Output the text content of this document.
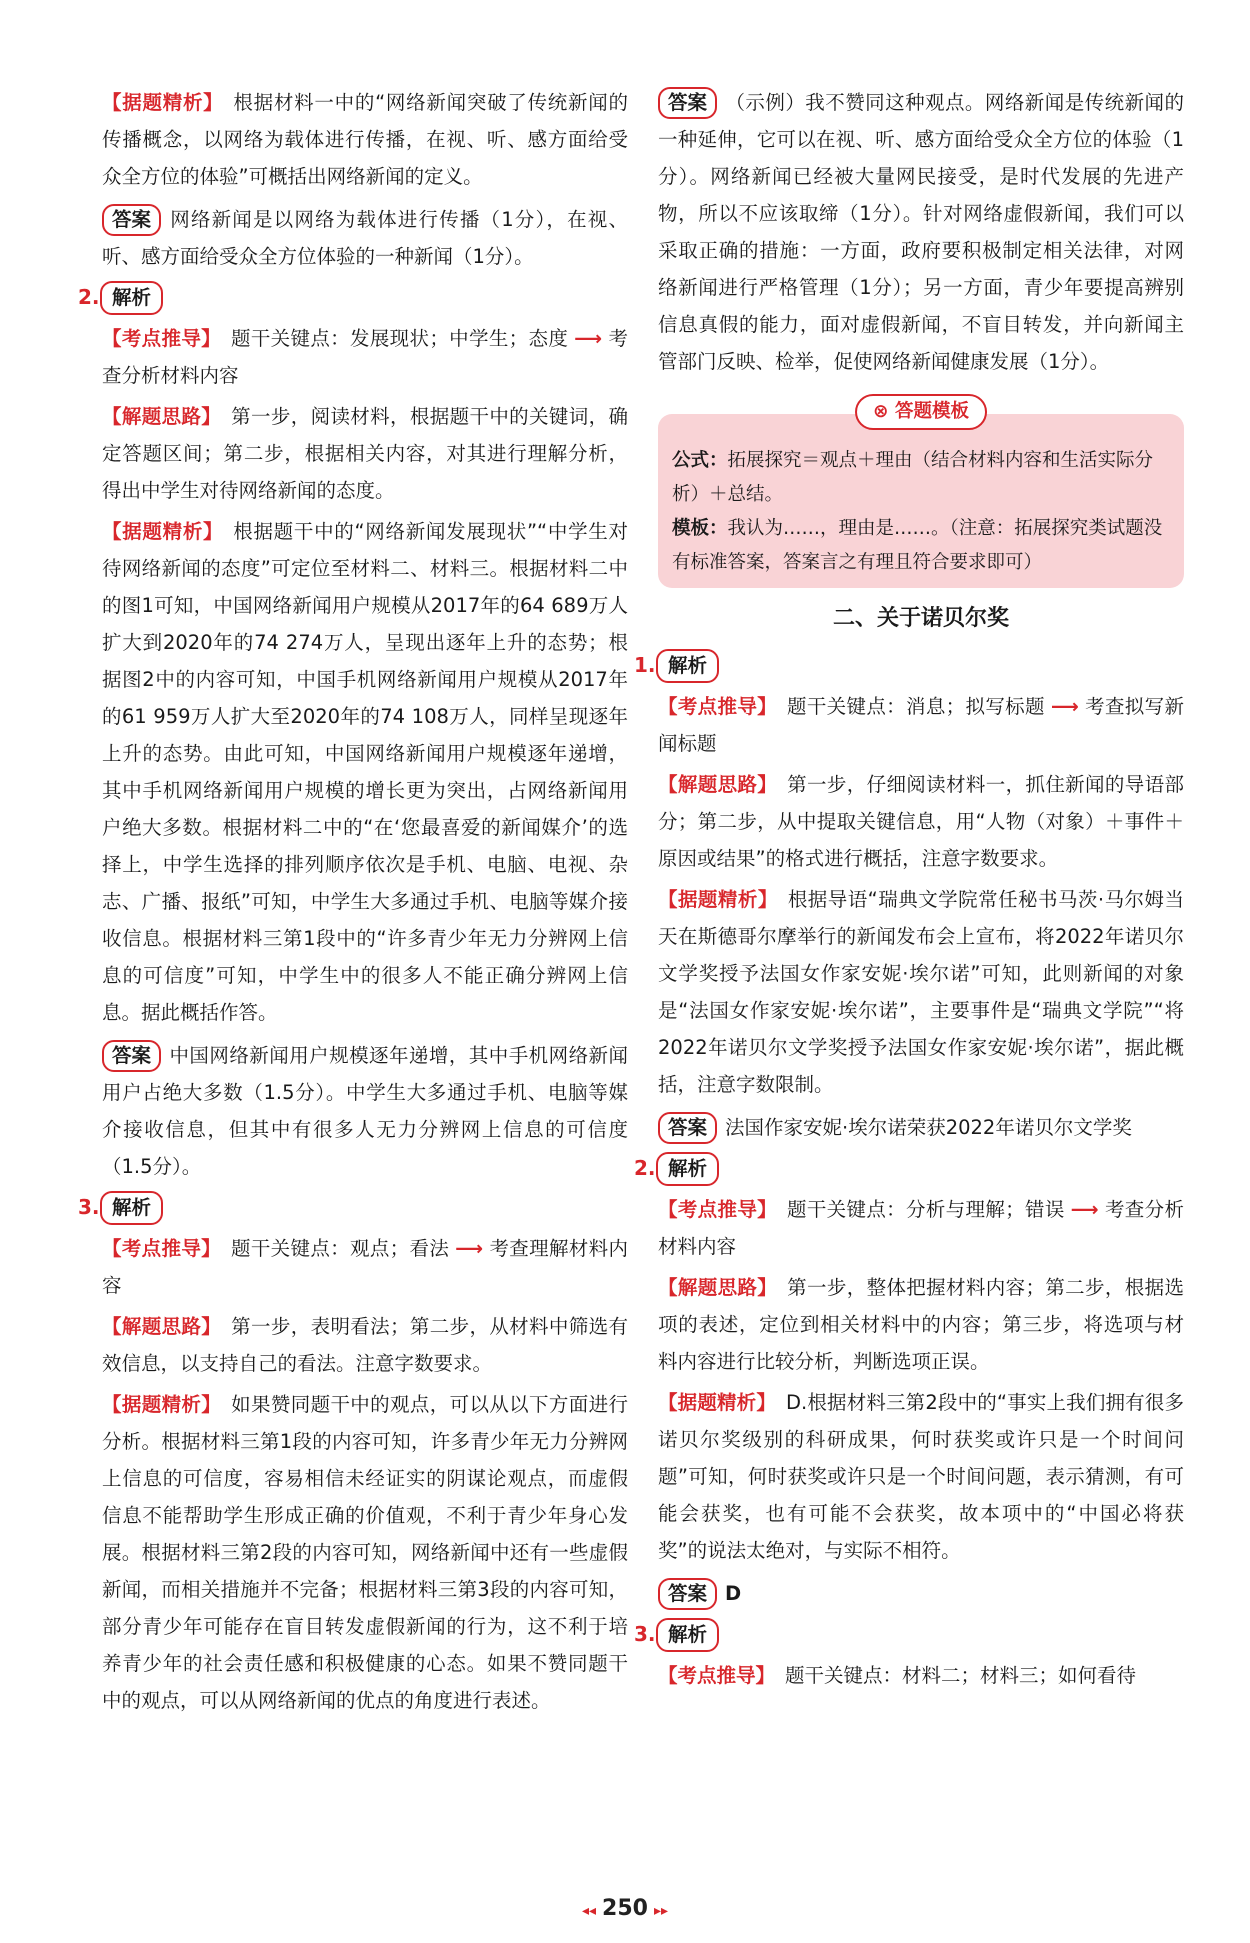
【据题精析】 根据材料一中的“网络新闻突破了传统新闻的传播概念，以网络为载体进行传播，在视、听、感方面给受众全方位的体验”可概括出网络新闻的定义。

答案 网络新闻是以网络为载体进行传播（1分），在视、听、感方面给受众全方位体验的一种新闻（1分）。

2. 解析

【考点推导】 题干关键点：发展现状；中学生；态度 ⟶ 考查分析材料内容

【解题思路】 第一步，阅读材料，根据题干中的关键词，确定答题区间；第二步，根据相关内容，对其进行理解分析，得出中学生对待网络新闻的态度。

【据题精析】 根据题干中的“网络新闻发展现状”“中学生对待网络新闻的态度”可定位至材料二、材料三。根据材料二中的图1可知，中国网络新闻用户规模从2017年的64 689万人扩大到2020年的74 274万人，呈现出逐年上升的态势；根据图2中的内容可知，中国手机网络新闻用户规模从2017年的61 959万人扩大至2020年的74 108万人，同样呈现逐年上升的态势。由此可知，中国网络新闻用户规模逐年递增，其中手机网络新闻用户规模的增长更为突出，占网络新闻用户绝大多数。根据材料二中的“在‘您最喜爱的新闻媒介’的选择上，中学生选择的排列顺序依次是手机、电脑、电视、杂志、广播、报纸”可知，中学生大多通过手机、电脑等媒介接收信息。根据材料三第1段中的“许多青少年无力分辨网上信息的可信度”可知，中学生中的很多人不能正确分辨网上信息。据此概括作答。

答案 中国网络新闻用户规模逐年递增，其中手机网络新闻用户占绝大多数（1.5分）。中学生大多通过手机、电脑等媒介接收信息，但其中有很多人无力分辨网上信息的可信度（1.5分）。

3. 解析

【考点推导】 题干关键点：观点；看法 ⟶ 考查理解材料内容

【解题思路】 第一步，表明看法；第二步，从材料中筛选有效信息，以支持自己的看法。注意字数要求。

【据题精析】 如果赞同题干中的观点，可以从以下方面进行分析。根据材料三第1段的内容可知，许多青少年无力分辨网上信息的可信度，容易相信未经证实的阴谋论观点，而虚假信息不能帮助学生形成正确的价值观，不利于青少年身心发展。根据材料三第2段的内容可知，网络新闻中还有一些虚假新闻，而相关措施并不完备；根据材料三第3段的内容可知，部分青少年可能存在盲目转发虚假新闻的行为，这不利于培养青少年的社会责任感和积极健康的心态。如果不赞同题干中的观点，可以从网络新闻的优点的角度进行表述。

答案 （示例）我不赞同这种观点。网络新闻是传统新闻的一种延伸，它可以在视、听、感方面给受众全方位的体验（1分）。网络新闻已经被大量网民接受，是时代发展的先进产物，所以不应该取缔（1分）。针对网络虚假新闻，我们可以采取正确的措施：一方面，政府要积极制定相关法律，对网络新闻进行严格管理（1分）；另一方面，青少年要提高辨别信息真假的能力，面对虚假新闻，不盲目转发，并向新闻主管部门反映、检举，促使网络新闻健康发展（1分）。

⊗ 答题模板
公式：拓展探究＝观点＋理由（结合材料内容和生活实际分析）＋总结。
模板：我认为……，理由是……。（注意：拓展探究类试题没有标准答案，答案言之有理且符合要求即可）
二、关于诺贝尔奖
1. 解析

【考点推导】 题干关键点：消息；拟写标题 ⟶ 考查拟写新闻标题

【解题思路】 第一步，仔细阅读材料一，抓住新闻的导语部分；第二步，从中提取关键信息，用“人物（对象）＋事件＋原因或结果”的格式进行概括，注意字数要求。

【据题精析】 根据导语“瑞典文学院常任秘书马茨·马尔姆当天在斯德哥尔摩举行的新闻发布会上宣布，将2022年诺贝尔文学奖授予法国女作家安妮·埃尔诺”可知，此则新闻的对象是“法国女作家安妮·埃尔诺”，主要事件是“瑞典文学院”“将2022年诺贝尔文学奖授予法国女作家安妮·埃尔诺”，据此概括，注意字数限制。

答案 法国作家安妮·埃尔诺荣获2022年诺贝尔文学奖

2. 解析

【考点推导】 题干关键点：分析与理解；错误 ⟶ 考查分析材料内容

【解题思路】 第一步，整体把握材料内容；第二步，根据选项的表述，定位到相关材料中的内容；第三步，将选项与材料内容进行比较分析，判断选项正误。

【据题精析】 D.根据材料三第2段中的“事实上我们拥有很多诺贝尔奖级别的科研成果，何时获奖或许只是一个时间问题”可知，何时获奖或许只是一个时间问题，表示猜测，有可能会获奖，也有可能不会获奖，故本项中的“中国必将获奖”的说法太绝对，与实际不相符。

答案 D

3. 解析

【考点推导】 题干关键点：材料二；材料三；如何看待

◂◂ 250 ▸▸
